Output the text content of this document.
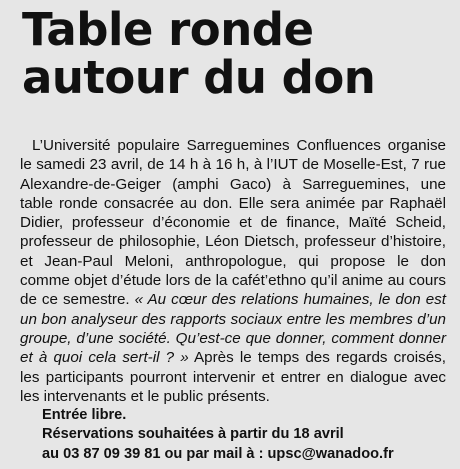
Table ronde
autour du don

L’Université populaire Sarreguemines Confluences organise le samedi 23 avril, de 14 h à 16 h, à l’IUT de Moselle-Est, 7 rue Alexandre-de-Geiger (amphi Gaco) à Sarreguemines, une table ronde consacrée au don. Elle sera animée par Raphaël Didier, professeur d’économie et de finance, Maïté Scheid, professeur de philosophie, Léon Dietsch, professeur d’histoire, et Jean-Paul Meloni, anthropologue, qui propose le don comme objet d’étude lors de la cafét’ethno qu’il anime au cours de ce semestre. « Au cœur des relations humaines, le don est un bon analyseur des rapports sociaux entre les membres d’un groupe, d’une société. Qu’est-ce que donner, comment donner et à quoi cela sert-il ? » Après le temps des regards croisés, les participants pourront intervenir et entrer en dialogue avec les intervenants et le public présents.

Entrée libre.
Réservations souhaitées à partir du 18 avril
au 03 87 09 39 81 ou par mail à : upsc@wanadoo.fr
